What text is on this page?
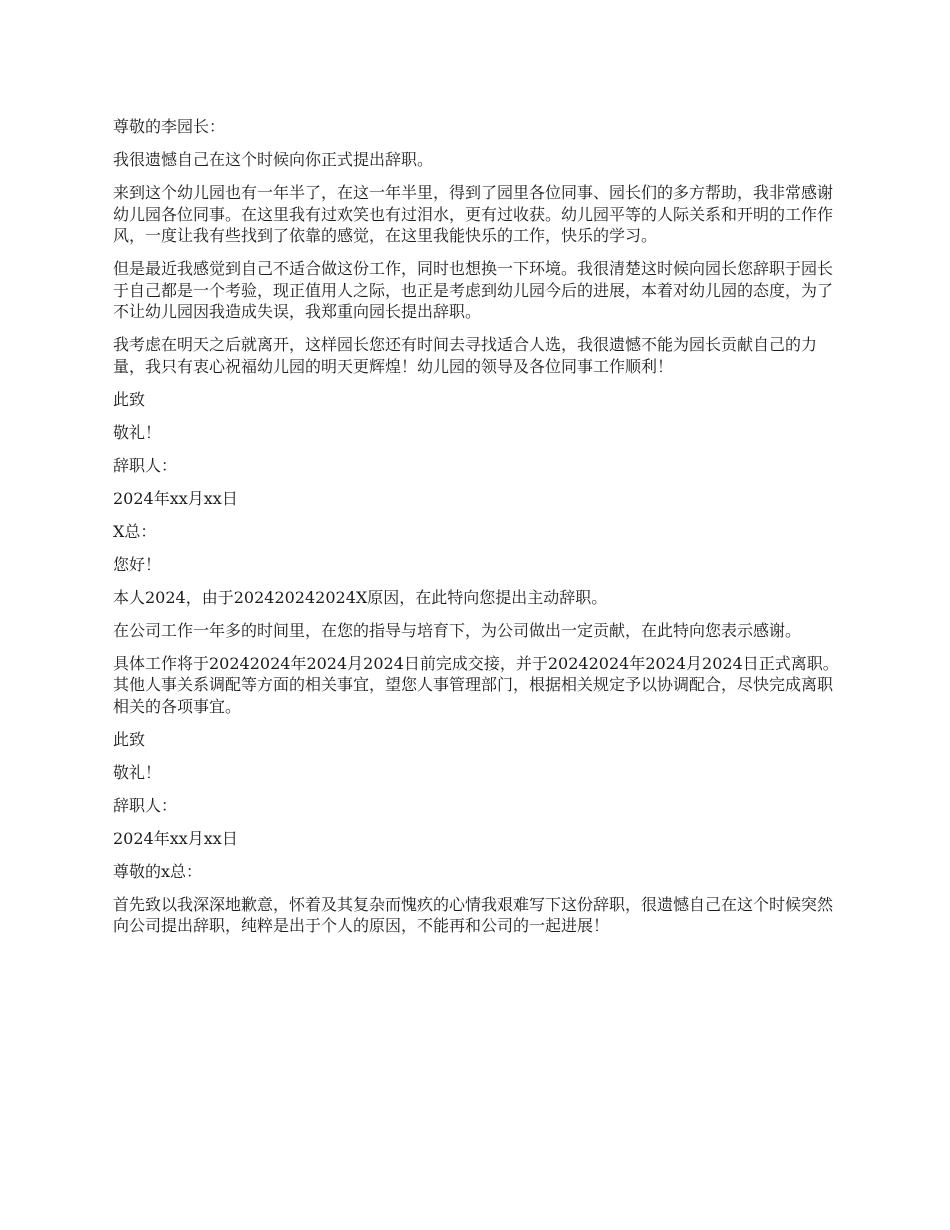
尊敬的李园长：

我很遗憾自己在这个时候向你正式提出辞职。

来到这个幼儿园也有一年半了，在这一年半里，得到了园里各位同事、园长们的多方帮助，我非常感谢幼儿园各位同事。在这里我有过欢笑也有过泪水，更有过收获。幼儿园平等的人际关系和开明的工作作风，一度让我有些找到了依靠的感觉，在这里我能快乐的工作，快乐的学习。

但是最近我感觉到自己不适合做这份工作，同时也想换一下环境。我很清楚这时候向园长您辞职于园长于自己都是一个考验，现正值用人之际，也正是考虑到幼儿园今后的进展，本着对幼儿园的态度，为了不让幼儿园因我造成失误，我郑重向园长提出辞职。

我考虑在明天之后就离开，这样园长您还有时间去寻找适合人选，我很遗憾不能为园长贡献自己的力量，我只有衷心祝福幼儿园的明天更辉煌！幼儿园的领导及各位同事工作顺利！

此致

敬礼！

辞职人：

2024年xx月xx日

X总：

您好！

本人2024，由于202420242024X原因，在此特向您提出主动辞职。

在公司工作一年多的时间里，在您的指导与培育下，为公司做出一定贡献，在此特向您表示感谢。

具体工作将于20242024年2024月2024日前完成交接，并于20242024年2024月2024日正式离职。其他人事关系调配等方面的相关事宜，望您人事管理部门，根据相关规定予以协调配合，尽快完成离职相关的各项事宜。

此致

敬礼！

辞职人：

2024年xx月xx日

尊敬的x总：

首先致以我深深地歉意，怀着及其复杂而愧疚的心情我艰难写下这份辞职，很遗憾自己在这个时候突然向公司提出辞职，纯粹是出于个人的原因，不能再和公司的一起进展！
